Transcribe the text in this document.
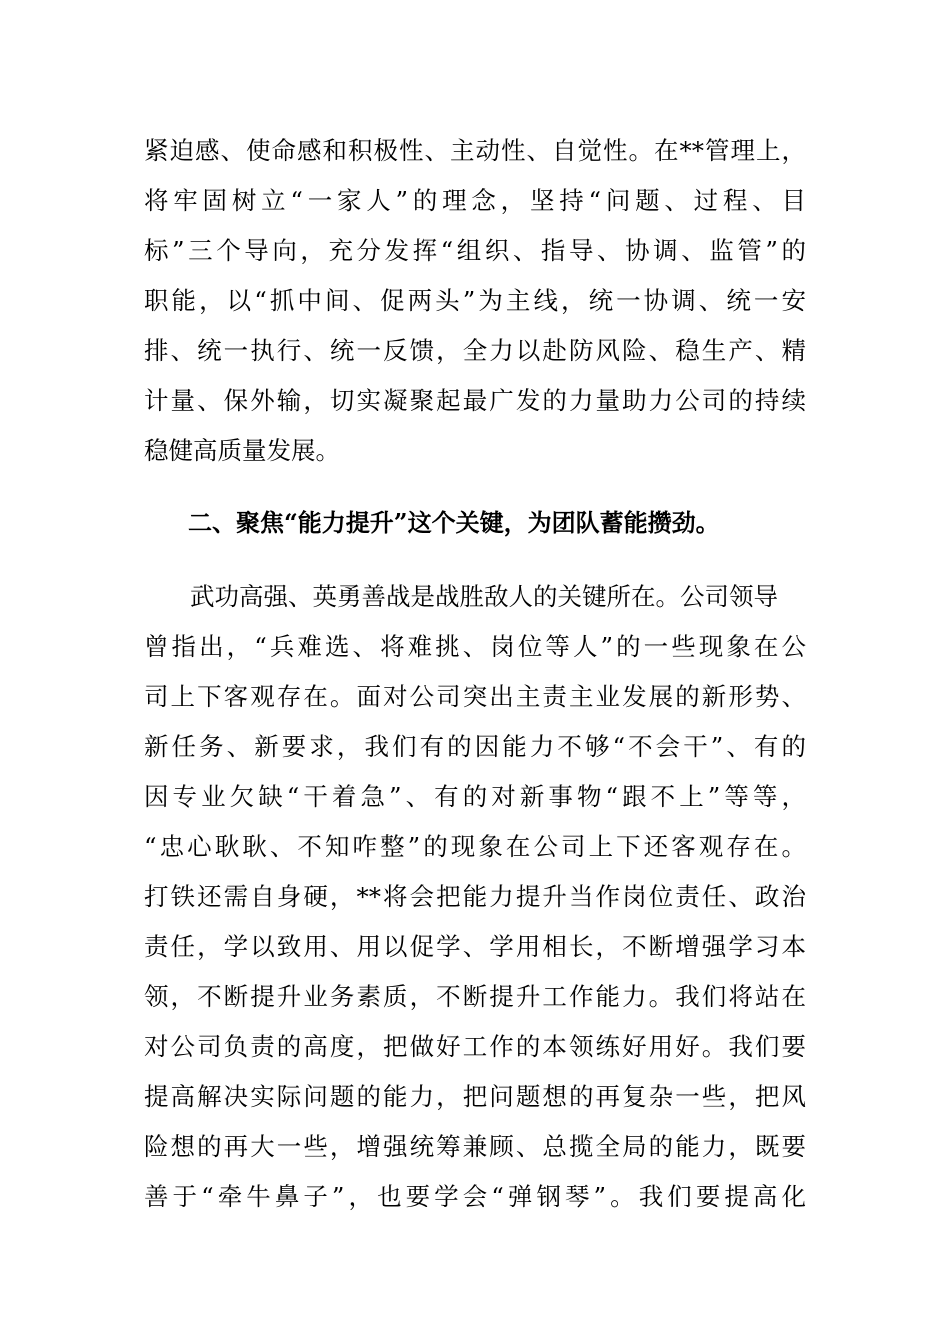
紧迫感、使命感和积极性、主动性、自觉性。在**管理上，
将牢固树立“一家人”的理念，坚持“问题、过程、目
标”三个导向，充分发挥“组织、指导、协调、监管”的
职能，以“抓中间、促两头”为主线，统一协调、统一安
排、统一执行、统一反馈，全力以赴防风险、稳生产、精
计量、保外输，切实凝聚起最广发的力量助力公司的持续
稳健高质量发展。
二、聚焦“能力提升”这个关键，为团队蓄能攒劲。
武功高强、英勇善战是战胜敌人的关键所在。公司领导
曾指出，“兵难选、将难挑、岗位等人”的一些现象在公
司上下客观存在。面对公司突出主责主业发展的新形势、
新任务、新要求，我们有的因能力不够“不会干”、有的
因专业欠缺“干着急”、有的对新事物“跟不上”等等，
“忠心耿耿、不知咋整”的现象在公司上下还客观存在。
打铁还需自身硬，**将会把能力提升当作岗位责任、政治
责任，学以致用、用以促学、学用相长，不断增强学习本
领，不断提升业务素质，不断提升工作能力。我们将站在
对公司负责的高度，把做好工作的本领练好用好。我们要
提高解决实际问题的能力，把问题想的再复杂一些，把风
险想的再大一些，增强统筹兼顾、总揽全局的能力，既要
善于“牵牛鼻子”，也要学会“弹钢琴”。我们要提高化
